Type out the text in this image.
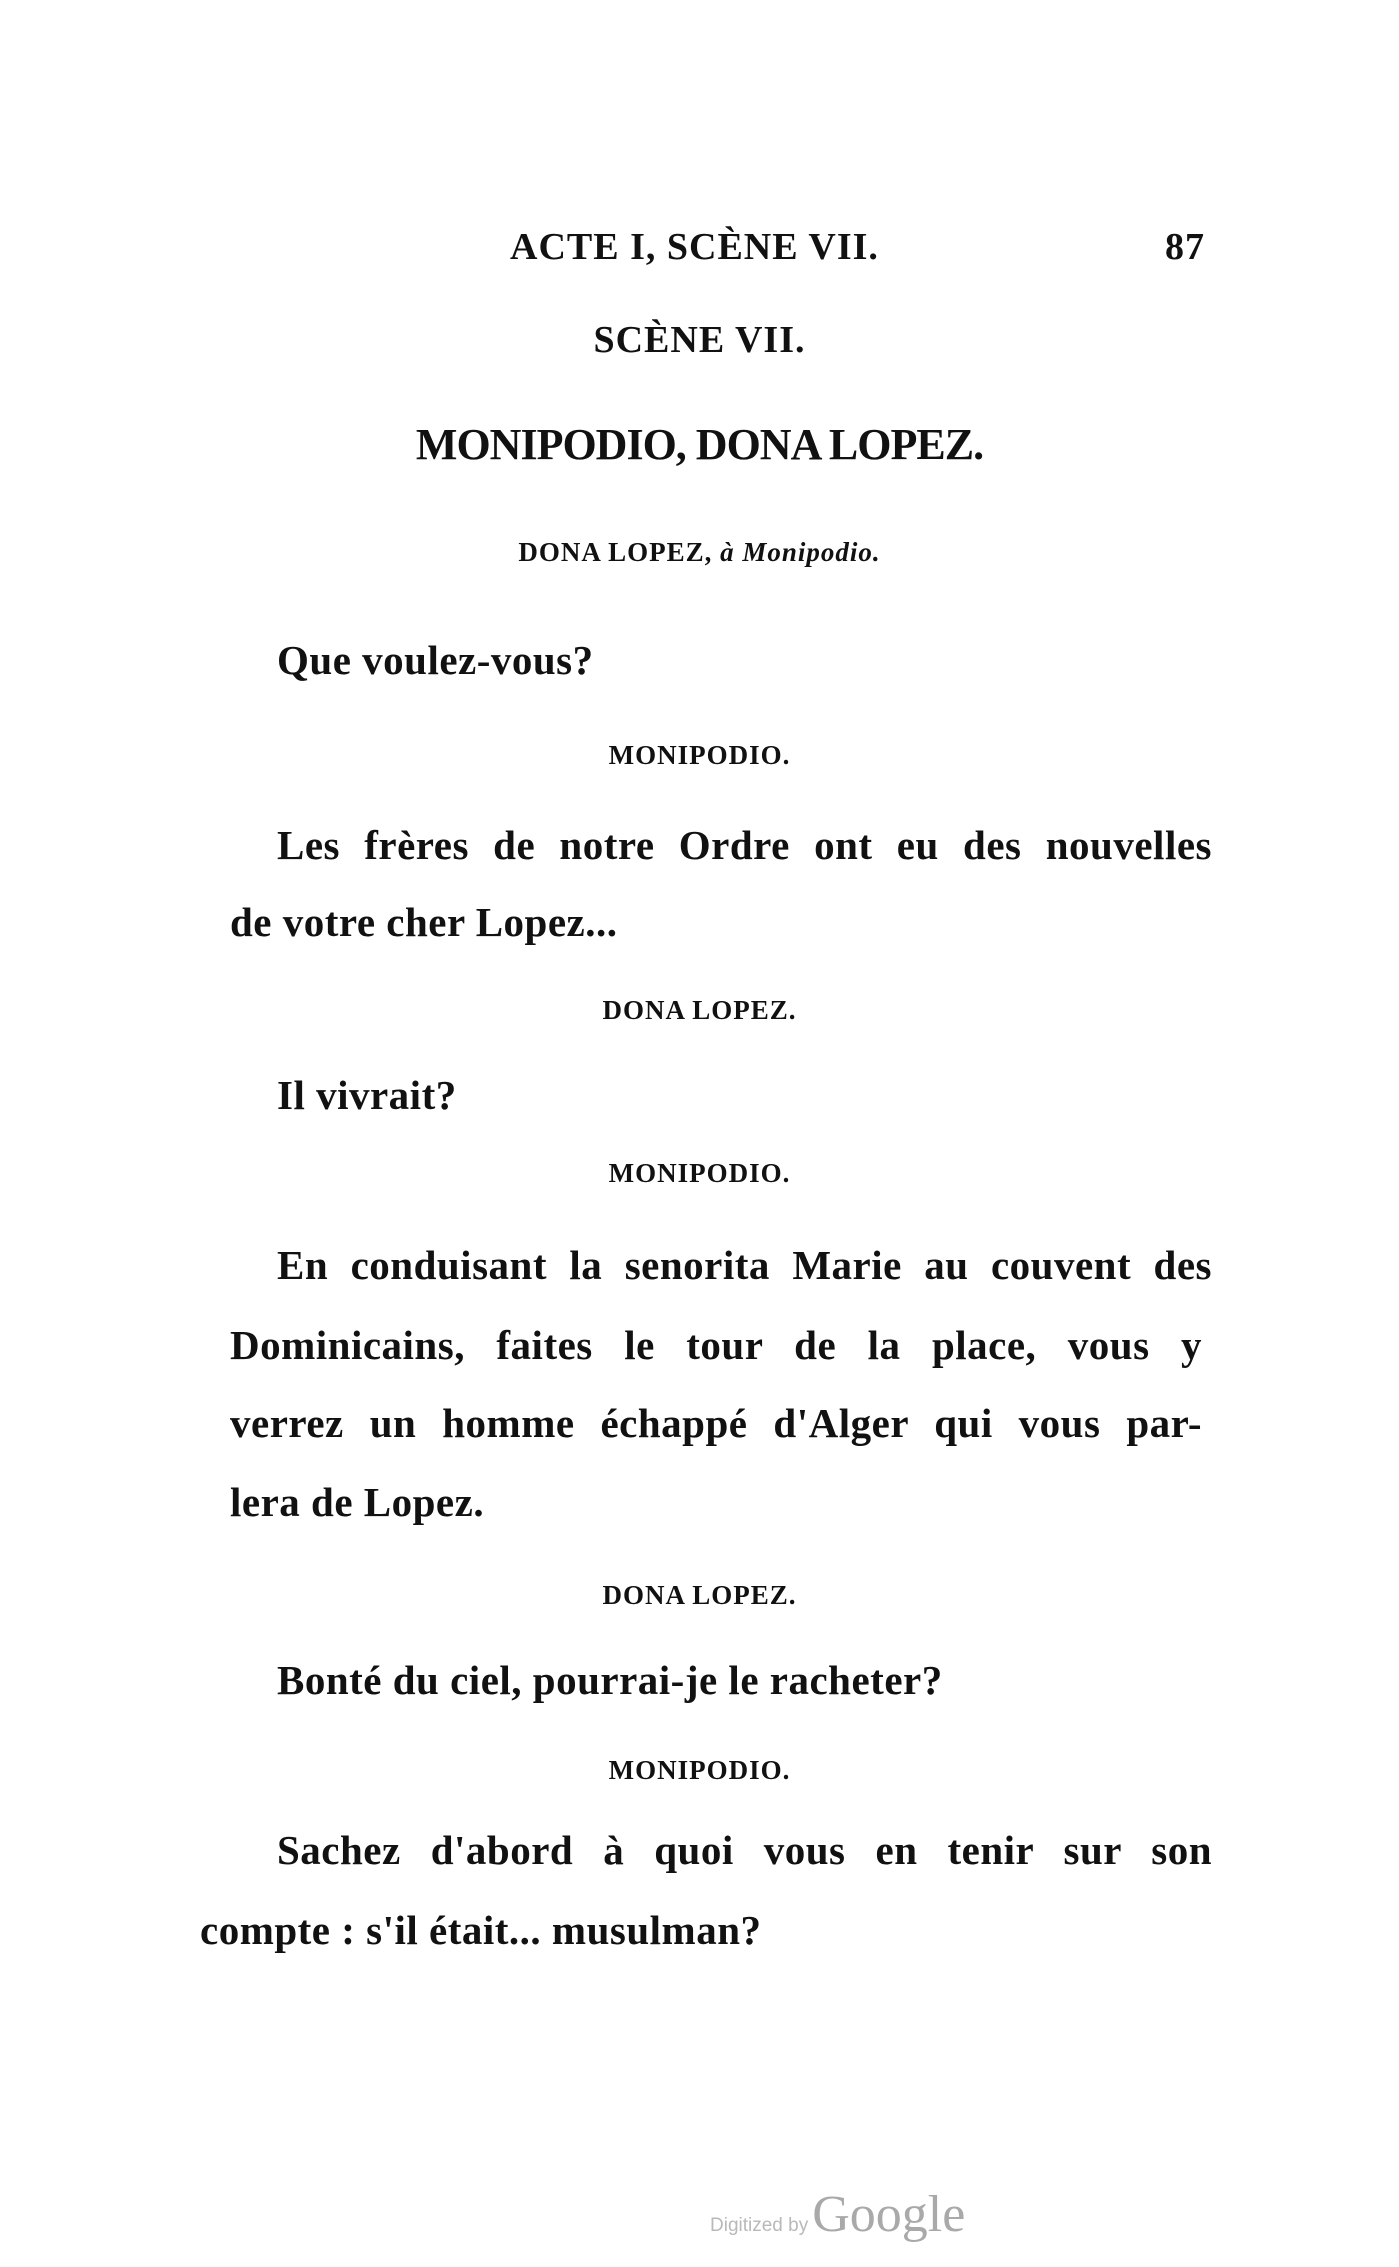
ACTE I, SCÈNE VII.	87
SCÈNE VII.
MONIPODIO, DONA LOPEZ.
DONA LOPEZ, à Monipodio.
Que voulez-vous?
MONIPODIO.
Les frères de notre Ordre ont eu des nouvelles
de votre cher Lopez...
DONA LOPEZ.
Il vivrait?
MONIPODIO.
En conduisant la senorita Marie au couvent des
Dominicains, faites le tour de la place, vous y
verrez un homme échappé d'Alger qui vous par-
lera de Lopez.
DONA LOPEZ.
Bonté du ciel, pourrai-je le racheter?
MONIPODIO.
Sachez d'abord à quoi vous en tenir sur son
compte : s'il était... musulman?
Digitized by Google
